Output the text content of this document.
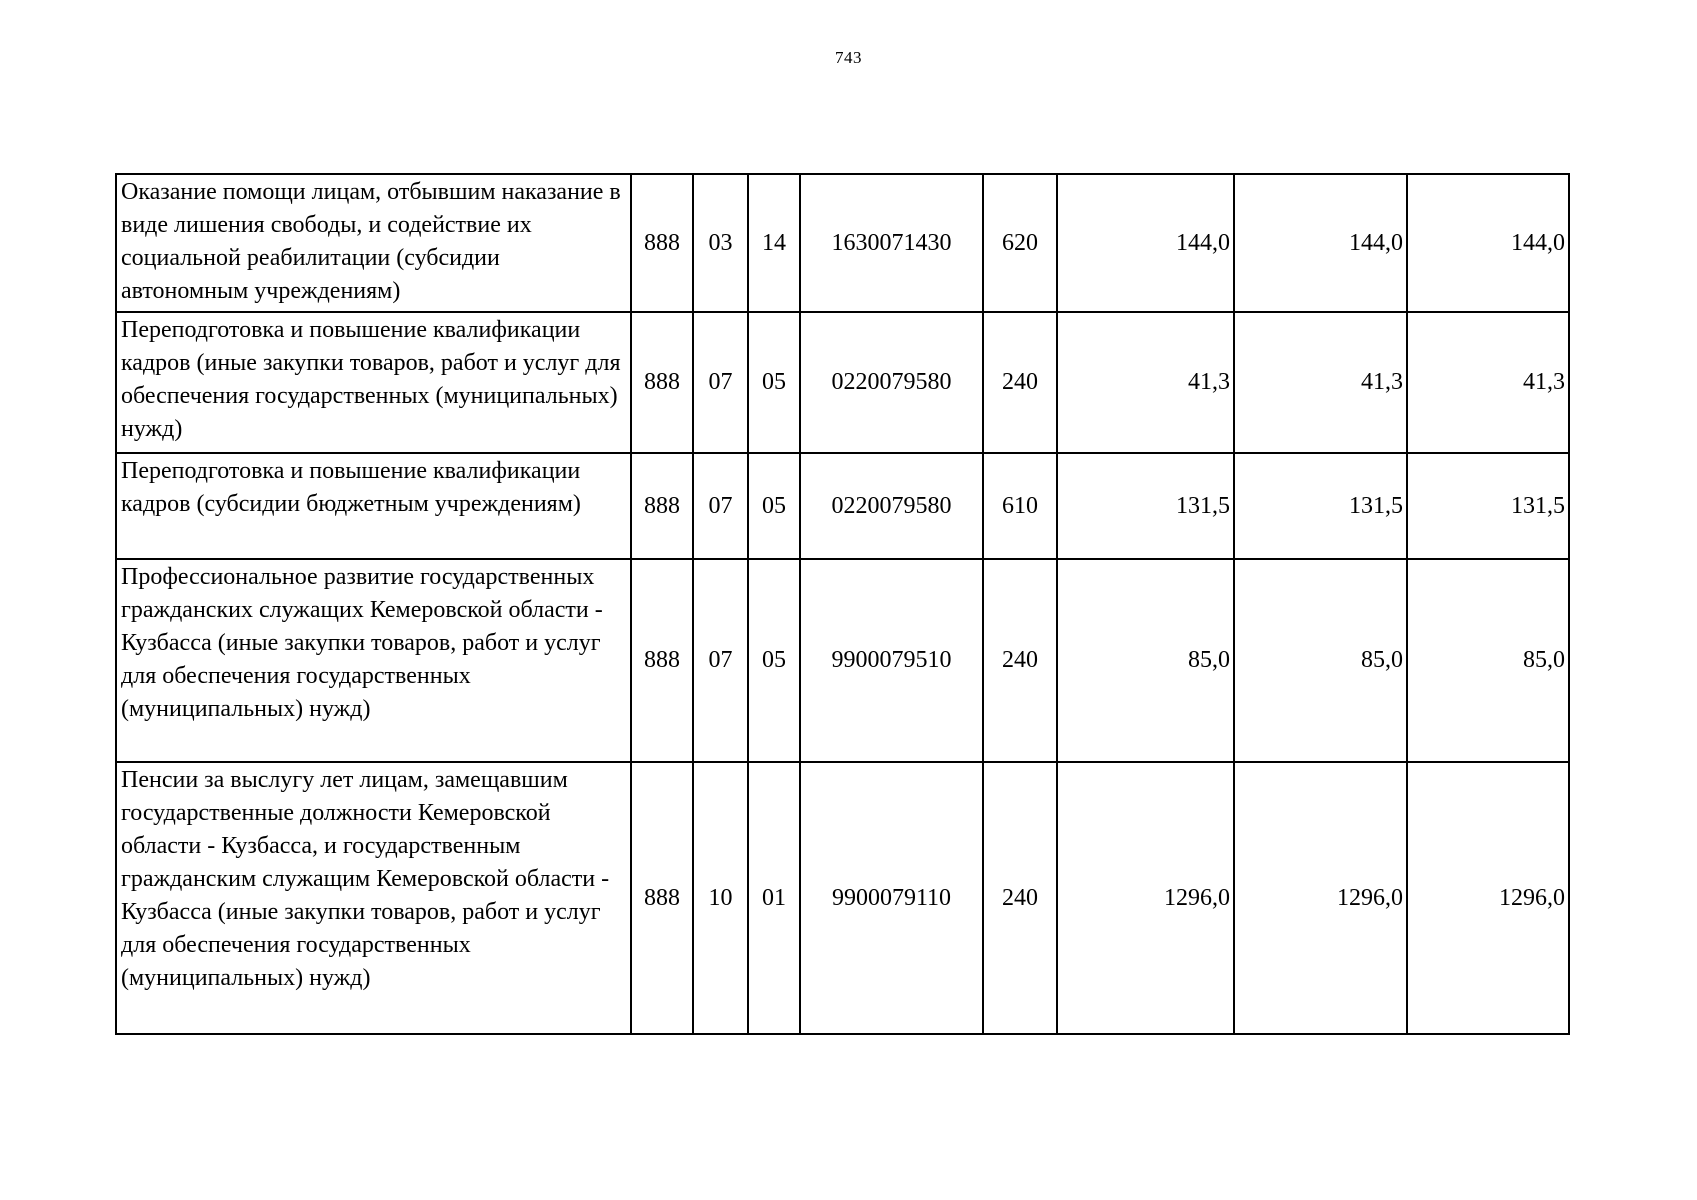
743
Оказание помощи лицам, отбывшим наказание в виде лишения свободы, и содействие их социальной реабилитации (субсидии автономным учреждениям)	888	03	14	1630071430	620	144,0	144,0	144,0
Переподготовка и повышение квалификации кадров (иные закупки товаров, работ и услуг для обеспечения государственных (муниципальных) нужд)	888	07	05	0220079580	240	41,3	41,3	41,3
Переподготовка и повышение квалификации кадров (субсидии бюджетным учреждениям)	888	07	05	0220079580	610	131,5	131,5	131,5
Профессиональное развитие государственных гражданских служащих Кемеровской области - Кузбасса (иные закупки товаров, работ и услуг для обеспечения государственных (муниципальных) нужд)	888	07	05	9900079510	240	85,0	85,0	85,0
Пенсии за выслугу лет лицам, замещавшим государственные должности Кемеровской области - Кузбасса, и государственным гражданским служащим Кемеровской области - Кузбасса (иные закупки товаров, работ и услуг для обеспечения государственных (муниципальных) нужд)	888	10	01	9900079110	240	1296,0	1296,0	1296,0
